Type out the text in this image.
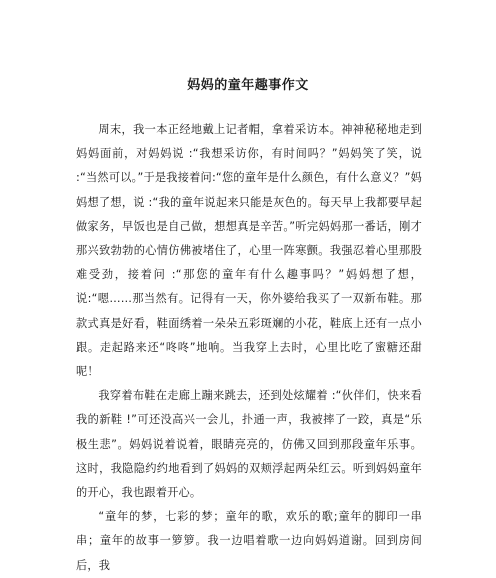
妈妈的童年趣事作文

周末，我一本正经地戴上记者帽，拿着采访本。神神秘秘地走到妈妈面前，对妈妈说 :“我想采访你，有时间吗？”妈妈笑了笑，说 :“当然可以。”于是我接着问:“您的童年是什么颜色，有什么意义？”妈妈想了想，说 :“我的童年说起来只能是灰色的。每天早上我都要早起做家务，早饭也是自己做，想想真是辛苦。”听完妈妈那一番话，刚才那兴致勃勃的心情仿佛被堵住了，心里一阵寒颤。我强忍着心里那股难受劲，接着问 :“那您的童年有什么趣事吗？”妈妈想了想，说:“嗯……那当然有。记得有一天，你外婆给我买了一双新布鞋。那款式真是好看，鞋面绣着一朵朵五彩斑斓的小花，鞋底上还有一点小跟。走起路来还“咚咚”地响。当我穿上去时，心里比吃了蜜糖还甜呢！

我穿着布鞋在走廊上蹦来跳去，还到处炫耀着 :“伙伴们，快来看我的新鞋 !”可还没高兴一会儿，扑通一声，我被摔了一跤，真是“乐极生悲”。妈妈说着说着，眼睛亮亮的，仿佛又回到那段童年乐事。这时，我隐隐约约地看到了妈妈的双颊浮起两朵红云。听到妈妈童年的开心，我也跟着开心。

“童年的梦，七彩的梦；童年的歌，欢乐的歌;童年的脚印一串串；童年的故事一箩箩。我一边唱着歌一边向妈妈道谢。回到房间后，我
